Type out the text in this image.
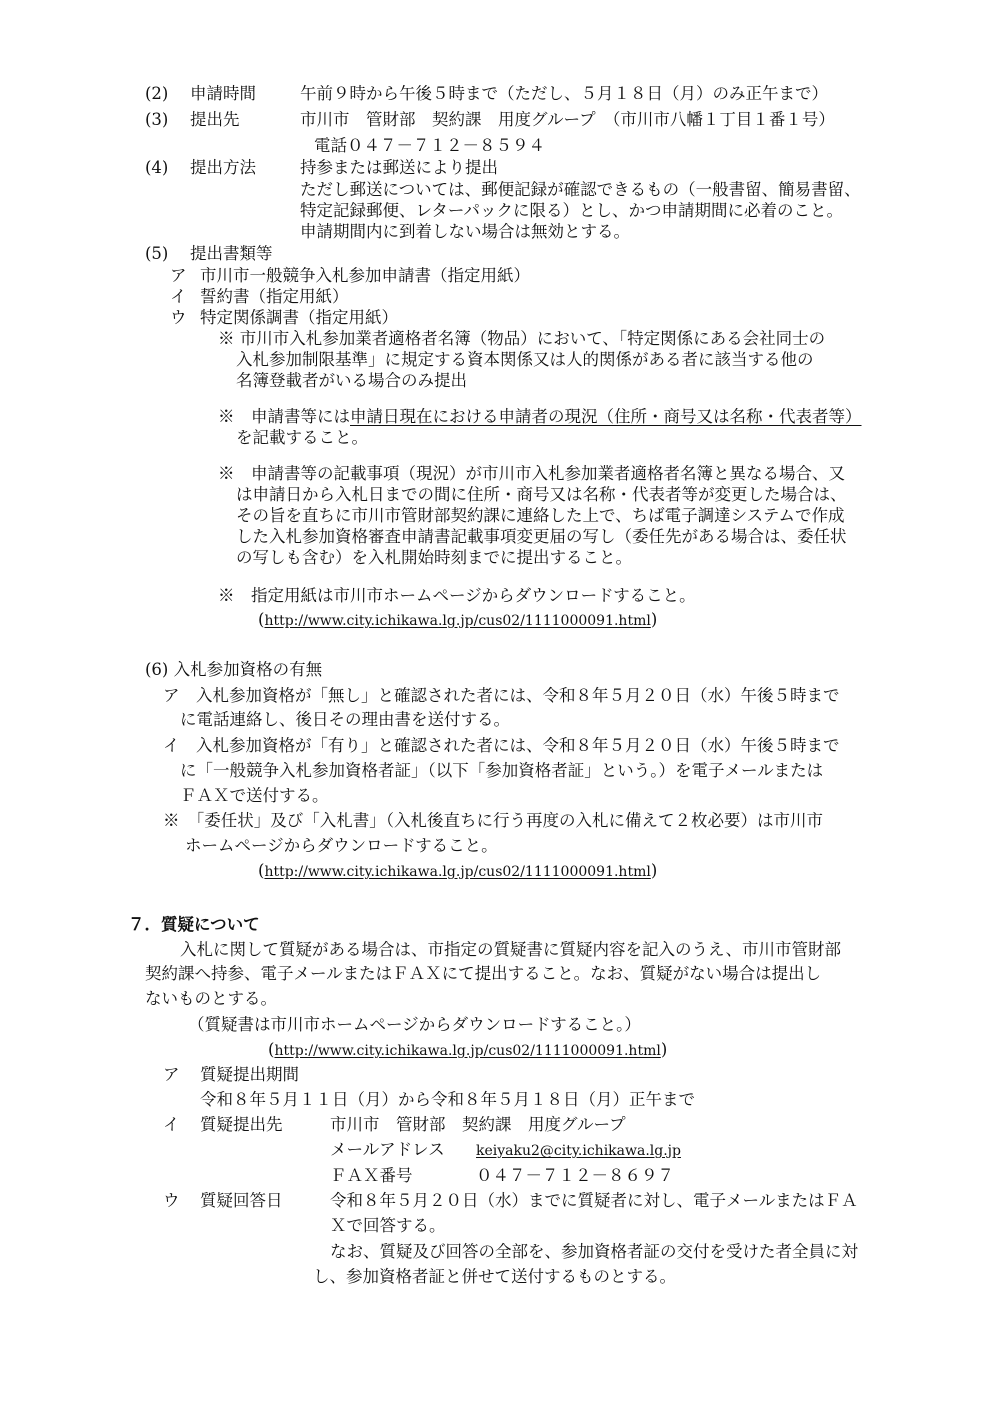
(2) 申請時間	午前９時から午後５時まで（ただし、５月１８日（月）のみ正午まで）
(3) 提出先	市川市　管財部　契約課　用度グループ　（市川市八幡１丁目１番１号）
電話０４７－７１２－８５９４
(4) 提出方法	持参または郵送により提出
ただし郵送については、郵便記録が確認できるもの（一般書留、簡易書留、
特定記録郵便、レターパックに限る）とし、かつ申請期間に必着のこと。
申請期間内に到着しない場合は無効とする。
(5) 提出書類等
ア 市川市一般競争入札参加申請書（指定用紙）
イ 誓約書（指定用紙）
ウ 特定関係調書（指定用紙）
※ 市川市入札参加業者適格者名簿（物品）において、「特定関係にある会社同士の
入札参加制限基準」に規定する資本関係又は人的関係がある者に該当する他の
名簿登載者がいる場合のみ提出
※　申請書等には申請日現在における申請者の現況（住所・商号又は名称・代表者等）
を記載すること。
※　申請書等の記載事項（現況）が市川市入札参加業者適格者名簿と異なる場合、又
は申請日から入札日までの間に住所・商号又は名称・代表者等が変更した場合は、
その旨を直ちに市川市管財部契約課に連絡した上で、ちば電子調達システムで作成
した入札参加資格審査申請書記載事項変更届の写し（委任先がある場合は、委任状
の写しも含む）を入札開始時刻までに提出すること。
※　指定用紙は市川市ホームページからダウンロードすること。
(http://www.city.ichikawa.lg.jp/cus02/1111000091.html)
(6) 入札参加資格の有無
ア　入札参加資格が「無し」と確認された者には、令和８年５月２０日（水）午後５時まで
に電話連絡し、後日その理由書を送付する。
イ　入札参加資格が「有り」と確認された者には、令和８年５月２０日（水）午後５時まで
に「一般競争入札参加資格者証」（以下「参加資格者証」という。）を電子メールまたは
ＦＡＸで送付する。
※　「委任状」及び「入札書」（入札後直ちに行う再度の入札に備えて２枚必要）は市川市
ホームページからダウンロードすること。
(http://www.city.ichikawa.lg.jp/cus02/1111000091.html)
７．質疑について
入札に関して質疑がある場合は、市指定の質疑書に質疑内容を記入のうえ、市川市管財部
契約課へ持参、電子メールまたはＦＡＸにて提出すること。なお、質疑がない場合は提出し
ないものとする。
（質疑書は市川市ホームページからダウンロードすること。）
(http://www.city.ichikawa.lg.jp/cus02/1111000091.html)
ア 質疑提出期間
令和８年５月１１日（月）から令和８年５月１８日（月）正午まで
イ 質疑提出先	市川市　管財部　契約課　用度グループ
メールアドレス keiyaku2@city.ichikawa.lg.jp
ＦＡＸ番号	０４７－７１２－８６９７
ウ 質疑回答日	令和８年５月２０日（水）までに質疑者に対し、電子メールまたはＦＡ
Ｘで回答する。
なお、質疑及び回答の全部を、参加資格者証の交付を受けた者全員に対
し、参加資格者証と併せて送付するものとする。
